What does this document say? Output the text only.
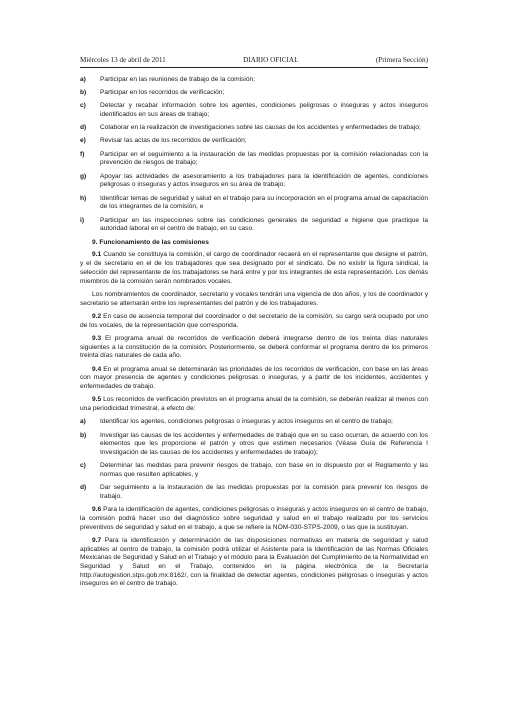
Miércoles 13 de abril de 2011	DIARIO OFICIAL	(Primera Sección)
a)	Participar en las reuniones de trabajo de la comisión;
b)	Participar en los recorridos de verificación;
c)	Detectar y recabar información sobre los agentes, condiciones peligrosas o inseguras y actos inseguros identificados en sus áreas de trabajo;
d)	Colaborar en la realización de investigaciones sobre las causas de los accidentes y enfermedades de trabajo;
e)	Revisar las actas de los recorridos de verificación;
f)	Participar en el seguimiento a la instauración de las medidas propuestas por la comisión relacionadas con la prevención de riesgos de trabajo;
g)	Apoyar las actividades de asesoramiento a los trabajadores para la identificación de agentes, condiciones peligrosas o inseguras y actos inseguros en su área de trabajo;
h)	Identificar temas de seguridad y salud en el trabajo para su incorporación en el programa anual de capacitación de los integrantes de la comisión, e
i)	Participar en las inspecciones sobre las condiciones generales de seguridad e higiene que practique la autoridad laboral en el centro de trabajo, en su caso.
9. Funcionamiento de las comisiones

9.1 Cuando se constituya la comisión, el cargo de coordinador recaerá en el representante que designe el patrón, y el de secretario en el de los trabajadores que sea designado por el sindicato. De no existir la figura sindical, la selección del representante de los trabajadores se hará entre y por los integrantes de esta representación. Los demás miembros de la comisión serán nombrados vocales.

Los nombramientos de coordinador, secretario y vocales tendrán una vigencia de dos años, y los de coordinador y secretario se alternarán entre los representantes del patrón y de los trabajadores.

9.2 En caso de ausencia temporal del coordinador o del secretario de la comisión, su cargo será ocupado por uno de los vocales, de la representación que corresponda.

9.3 El programa anual de recorridos de verificación deberá integrarse dentro de los treinta días naturales siguientes a la constitución de la comisión. Posteriormente, se deberá conformar el programa dentro de los primeros treinta días naturales de cada año.

9.4 En el programa anual se determinarán las prioridades de los recorridos de verificación, con base en las áreas con mayor presencia de agentes y condiciones peligrosas o inseguras, y a partir de los incidentes, accidentes y enfermedades de trabajo.

9.5 Los recorridos de verificación previstos en el programa anual de la comisión, se deberán realizar al menos con una periodicidad trimestral, a efecto de:

a)	Identificar los agentes, condiciones peligrosas o inseguras y actos inseguros en el centro de trabajo;
b)	Investigar las causas de los accidentes y enfermedades de trabajo que en su caso ocurran, de acuerdo con los elementos que les proporcione el patrón y otros que estimen necesarios (Véase Guía de Referencia I Investigación de las causas de los accidentes y enfermedades de trabajo);
c)	Determinar las medidas para prevenir riesgos de trabajo, con base en lo dispuesto por el Reglamento y las normas que resulten aplicables, y
d)	Dar seguimiento a la instauración de las medidas propuestas por la comisión para prevenir los riesgos de trabajo.

9.6 Para la identificación de agentes, condiciones peligrosas o inseguras y actos inseguros en el centro de trabajo, la comisión podrá hacer uso del diagnóstico sobre seguridad y salud en el trabajo realizado por los servicios preventivos de seguridad y salud en el trabajo, a que se refiere la NOM-030-STPS-2009, o las que la sustituyan.

9.7 Para la identificación y determinación de las disposiciones normativas en materia de seguridad y salud aplicables al centro de trabajo, la comisión podrá utilizar el Asistente para la Identificación de las Normas Oficiales Mexicanas de Seguridad y Salud en el Trabajo y el módulo para la Evaluación del Cumplimiento de la Normatividad en Seguridad y Salud en el Trabajo, contenidos en la página electrónica de la Secretaría http://autogestion.stps.gob.mx:8162/, con la finalidad de detectar agentes, condiciones peligrosas o inseguras y actos inseguros en el centro de trabajo.
